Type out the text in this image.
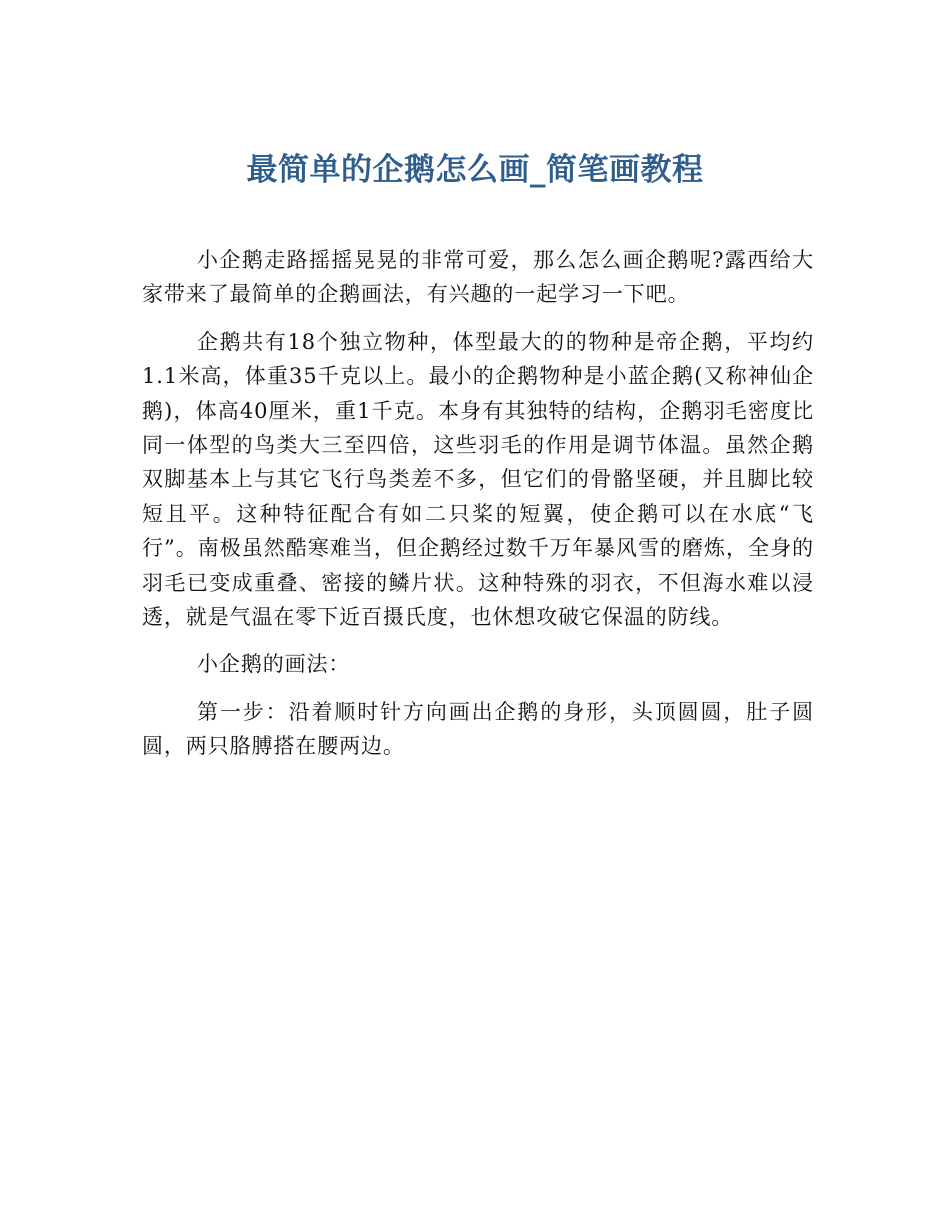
最简单的企鹅怎么画_简笔画教程

小企鹅走路摇摇晃晃的非常可爱，那么怎么画企鹅呢?露西给大家带来了最简单的企鹅画法，有兴趣的一起学习一下吧。

企鹅共有18个独立物种，体型最大的的物种是帝企鹅，平均约1.1米高，体重35千克以上。最小的企鹅物种是小蓝企鹅(又称神仙企鹅)，体高40厘米，重1千克。本身有其独特的结构，企鹅羽毛密度比同一体型的鸟类大三至四倍，这些羽毛的作用是调节体温。虽然企鹅双脚基本上与其它飞行鸟类差不多，但它们的骨骼坚硬，并且脚比较短且平。这种特征配合有如二只桨的短翼，使企鹅可以在水底“飞行”。南极虽然酷寒难当，但企鹅经过数千万年暴风雪的磨炼，全身的羽毛已变成重叠、密接的鳞片状。这种特殊的羽衣，不但海水难以浸透，就是气温在零下近百摄氏度，也休想攻破它保温的防线。

小企鹅的画法：

第一步：沿着顺时针方向画出企鹅的身形，头顶圆圆，肚子圆圆，两只胳膊搭在腰两边。
